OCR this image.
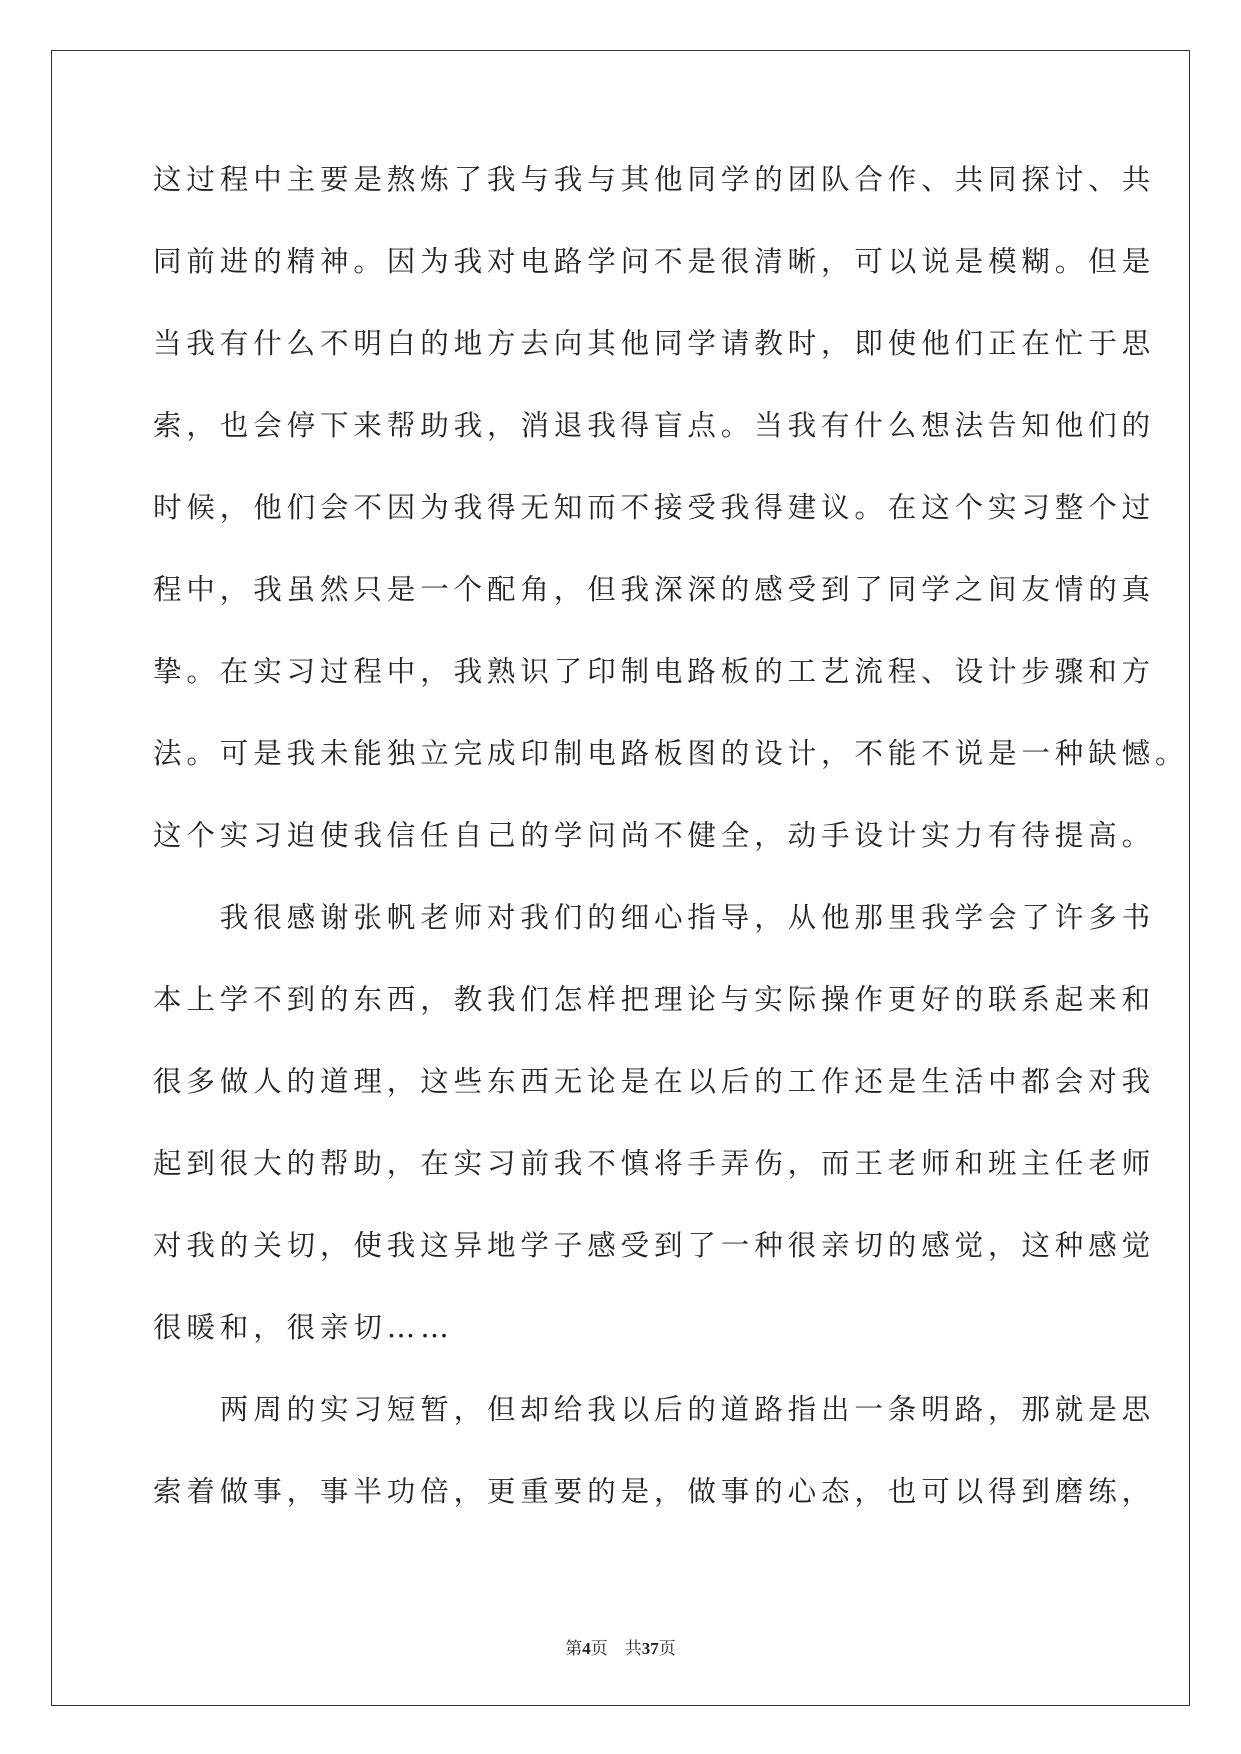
这过程中主要是熬炼了我与我与其他同学的团队合作、共同探讨、共
同前进的精神。因为我对电路学问不是很清晰，可以说是模糊。但是
当我有什么不明白的地方去向其他同学请教时，即使他们正在忙于思
索，也会停下来帮助我，消退我得盲点。当我有什么想法告知他们的
时候，他们会不因为我得无知而不接受我得建议。在这个实习整个过
程中，我虽然只是一个配角，但我深深的感受到了同学之间友情的真
挚。在实习过程中，我熟识了印制电路板的工艺流程、设计步骤和方
法。可是我未能独立完成印制电路板图的设计，不能不说是一种缺憾。
这个实习迫使我信任自己的学问尚不健全，动手设计实力有待提高。
　　我很感谢张帆老师对我们的细心指导，从他那里我学会了许多书
本上学不到的东西，教我们怎样把理论与实际操作更好的联系起来和
很多做人的道理，这些东西无论是在以后的工作还是生活中都会对我
起到很大的帮助，在实习前我不慎将手弄伤，而王老师和班主任老师
对我的关切，使我这异地学子感受到了一种很亲切的感觉，这种感觉
很暖和，很亲切……
　　两周的实习短暂，但却给我以后的道路指出一条明路，那就是思
索着做事，事半功倍，更重要的是，做事的心态，也可以得到磨练，
第4页 共37页
